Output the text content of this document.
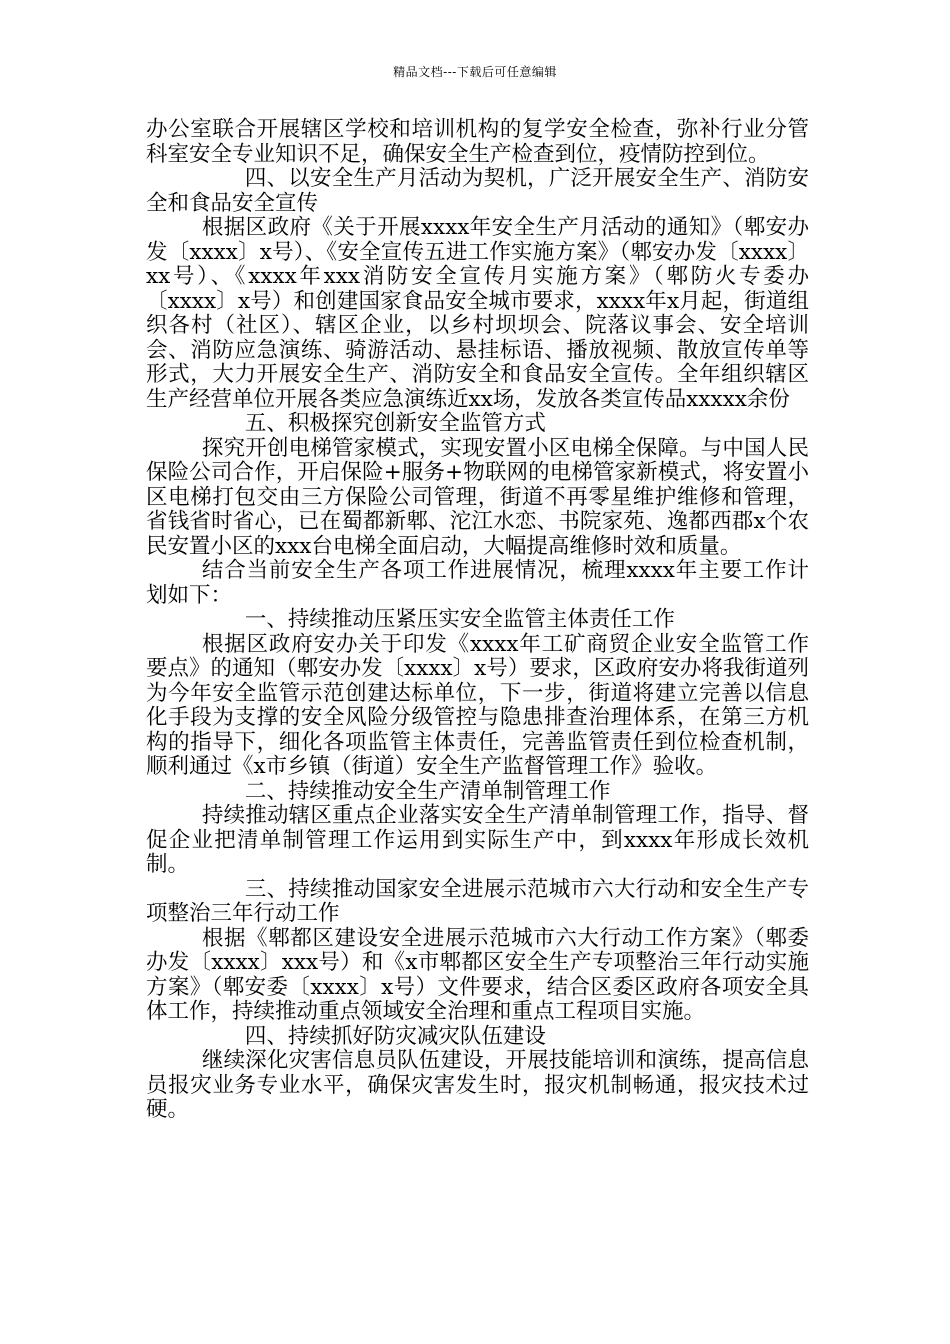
精品文档---下载后可任意编辑

办公室联合开展辖区学校和培训机构的复学安全检查，弥补行业分管科室安全专业知识不足，确保安全生产检查到位，疫情防控到位。

四、以安全生产月活动为契机，广泛开展安全生产、消防安全和食品安全宣传

根据区政府《关于开展xxxx年安全生产月活动的通知》（郫安办发〔xxxx〕x号）、《安全宣传五进工作实施方案》（郫安办发〔xxxx〕xx号）、《xxxx年xxx消防安全宣传月实施方案》（郫防火专委办〔xxxx〕x号）和创建国家食品安全城市要求，xxxx年x月起，街道组织各村（社区）、辖区企业，以乡村坝坝会、院落议事会、安全培训会、消防应急演练、骑游活动、悬挂标语、播放视频、散放宣传单等形式，大力开展安全生产、消防安全和食品安全宣传。全年组织辖区生产经营单位开展各类应急演练近xx场，发放各类宣传品xxxxx余份

五、积极探究创新安全监管方式

探究开创电梯管家模式，实现安置小区电梯全保障。与中国人民保险公司合作，开启保险+服务+物联网的电梯管家新模式，将安置小区电梯打包交由三方保险公司管理，街道不再零星维护维修和管理，省钱省时省心，已在蜀都新郫、沱江水恋、书院家苑、逸都西郡x个农民安置小区的xxx台电梯全面启动，大幅提高维修时效和质量。

结合当前安全生产各项工作进展情况，梳理xxxx年主要工作计划如下：

一、持续推动压紧压实安全监管主体责任工作

根据区政府安办关于印发《xxxx年工矿商贸企业安全监管工作要点》的通知（郫安办发〔xxxx〕x号）要求，区政府安办将我街道列为今年安全监管示范创建达标单位，下一步，街道将建立完善以信息化手段为支撑的安全风险分级管控与隐患排查治理体系，在第三方机构的指导下，细化各项监管主体责任，完善监管责任到位检查机制，顺利通过《x市乡镇（街道）安全生产监督管理工作》验收。

二、持续推动安全生产清单制管理工作

持续推动辖区重点企业落实安全生产清单制管理工作，指导、督促企业把清单制管理工作运用到实际生产中，到xxxx年形成长效机制。

三、持续推动国家安全进展示范城市六大行动和安全生产专项整治三年行动工作

根据《郫都区建设安全进展示范城市六大行动工作方案》（郫委办发〔xxxx〕xxx号）和《x市郫都区安全生产专项整治三年行动实施方案》（郫安委〔xxxx〕x号）文件要求，结合区委区政府各项安全具体工作，持续推动重点领域安全治理和重点工程项目实施。

四、持续抓好防灾减灾队伍建设

继续深化灾害信息员队伍建设，开展技能培训和演练，提高信息员报灾业务专业水平，确保灾害发生时，报灾机制畅通，报灾技术过硬。
